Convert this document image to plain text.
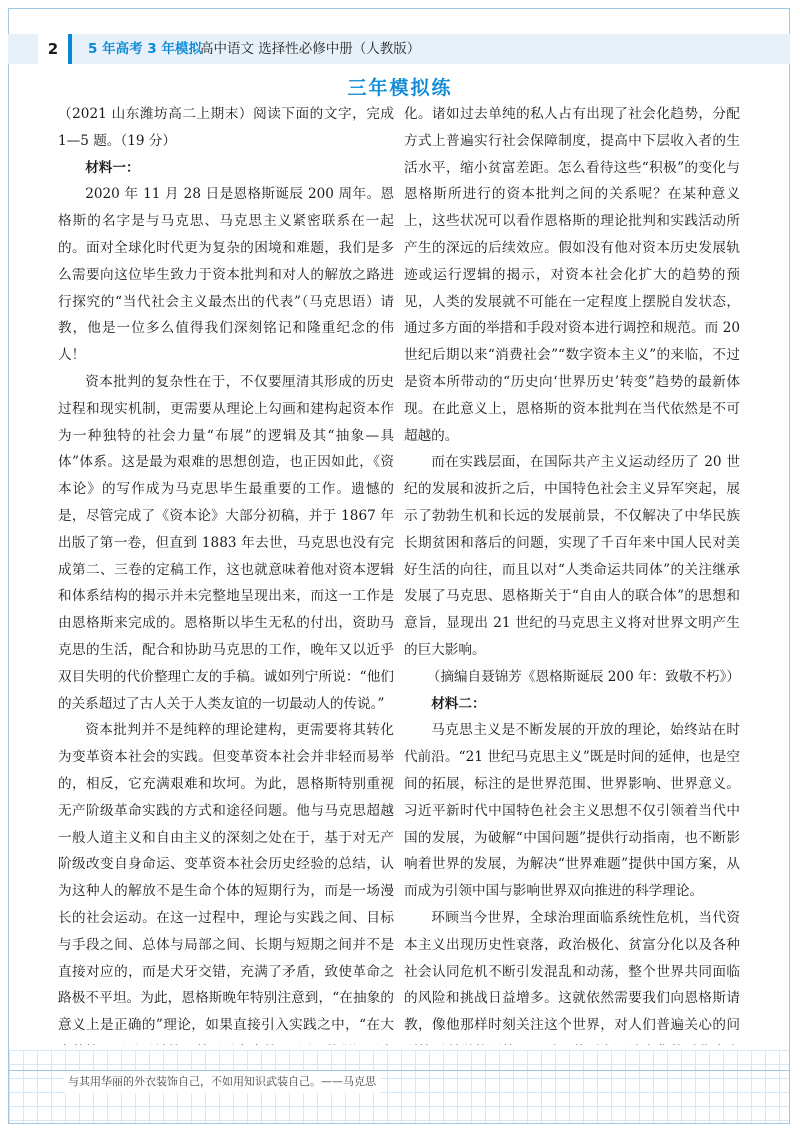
2	5 年高考 3 年模拟
高中语文 选择性必修中册（人教版）
三年模拟练

（2021 山东潍坊高二上期末）阅读下面的文字，完成 1—5 题。（19 分）

材料一：

2020 年 11 月 28 日是恩格斯诞辰 200 周年。恩格斯的名字是与马克思、马克思主义紧密联系在一起的。面对全球化时代更为复杂的困境和难题，我们是多么需要向这位毕生致力于资本批判和对人的解放之路进行探究的“当代社会主义最杰出的代表”（马克思语）请教，他是一位多么值得我们深刻铭记和隆重纪念的伟人！

资本批判的复杂性在于，不仅要厘清其形成的历史过程和现实机制，更需要从理论上勾画和建构起资本作为一种独特的社会力量“布展”的逻辑及其“抽象—具体”体系。这是最为艰难的思想创造，也正因如此，《资本论》的写作成为马克思毕生最重要的工作。遗憾的是，尽管完成了《资本论》大部分初稿，并于 1867 年出版了第一卷，但直到 1883 年去世，马克思也没有完成第二、三卷的定稿工作，这也就意味着他对资本逻辑和体系结构的揭示并未完整地呈现出来，而这一工作是由恩格斯来完成的。恩格斯以毕生无私的付出，资助马克思的生活，配合和协助马克思的工作，晚年又以近乎双目失明的代价整理亡友的手稿。诚如列宁所说：“他们的关系超过了古人关于人类友谊的一切最动人的传说。”

资本批判并不是纯粹的理论建构，更需要将其转化为变革资本社会的实践。但变革资本社会并非轻而易举的，相反，它充满艰难和坎坷。为此，恩格斯特别重视无产阶级革命实践的方式和途径问题。他与马克思超越一般人道主义和自由主义的深刻之处在于，基于对无产阶级改变自身命运、变革资本社会历史经验的总结，认为这种人的解放不是生命个体的短期行为，而是一场漫长的社会运动。在这一过程中，理论与实践之间、目标与手段之间、总体与局部之间、长期与短期之间并不是直接对应的，而是犬牙交错，充满了矛盾，致使革命之路极不平坦。为此，恩格斯晚年特别注意到，“在抽象的意义上是正确的”理论，如果直接引入实践之中，“在大

化。诸如过去单纯的私人占有出现了社会化趋势，分配方式上普遍实行社会保障制度，提高中下层收入者的生活水平，缩小贫富差距。怎么看待这些“积极”的变化与恩格斯所进行的资本批判之间的关系呢？在某种意义上，这些状况可以看作恩格斯的理论批判和实践活动所产生的深远的后续效应。假如没有他对资本历史发展轨迹或运行逻辑的揭示，对资本社会化扩大的趋势的预见，人类的发展就不可能在一定程度上摆脱自发状态，通过多方面的举措和手段对资本进行调控和规范。而 20 世纪后期以来“消费社会”“数字资本主义”的来临，不过是资本所带动的“历史向‘世界历史’转变”趋势的最新体现。在此意义上，恩格斯的资本批判在当代依然是不可超越的。

而在实践层面，在国际共产主义运动经历了 20 世纪的发展和波折之后，中国特色社会主义异军突起，展示了勃勃生机和长远的发展前景，不仅解决了中华民族长期贫困和落后的问题，实现了千百年来中国人民对美好生活的向往，而且以对“人类命运共同体”的关注继承发展了马克思、恩格斯关于“自由人的联合体”的思想和意旨，显现出 21 世纪的马克思主义将对世界文明产生的巨大影响。

（摘编自聂锦芳《恩格斯诞辰 200 年：致敬不朽》）

材料二：

马克思主义是不断发展的开放的理论，始终站在时代前沿。“21 世纪马克思主义”既是时间的延伸，也是空间的拓展，标注的是世界范围、世界影响、世界意义。习近平新时代中国特色社会主义思想不仅引领着当代中国的发展，为破解“中国问题”提供行动指南，也不断影响着世界的发展，为解决“世界难题”提供中国方案，从而成为引领中国与影响世界双向推进的科学理论。

环顾当今世界，全球治理面临系统性危机，当代资本主义出现历史性衰落，政治极化、贫富分化以及各种社会认同危机不断引发混乱和动荡，整个世界共同面临的风险和挑战日益增多。这就依然需要我们向恩格斯请教，像他那样时刻关注这个世界，对人们普遍关心的问

与其用华丽的外衣装饰自己，不如用知识武装自己。——马克思
